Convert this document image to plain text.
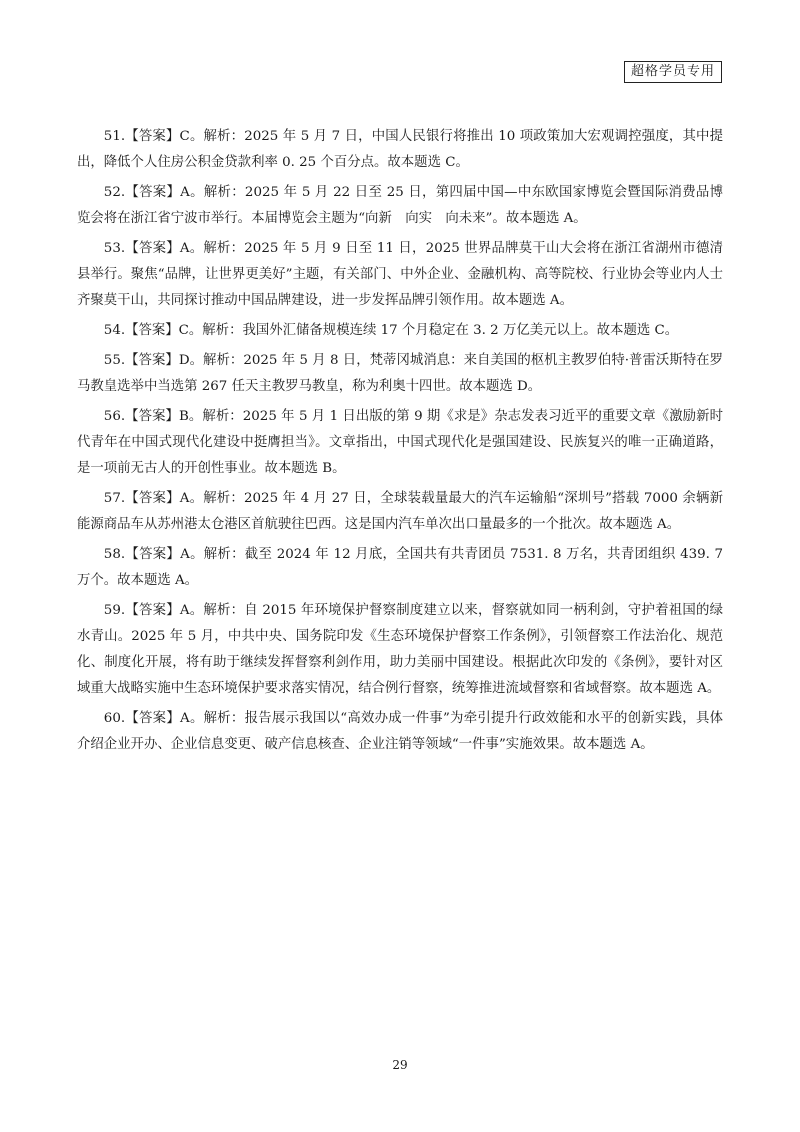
超格学员专用

51.【答案】C。解析：2025 年 5 月 7 日，中国人民银行将推出 10 项政策加大宏观调控强度，其中提出，降低个人住房公积金贷款利率 0. 25 个百分点。故本题选 C。

52.【答案】A。解析：2025 年 5 月 22 日至 25 日，第四届中国—中东欧国家博览会暨国际消费品博览会将在浙江省宁波市举行。本届博览会主题为“向新　向实　向未来”。故本题选 A。

53.【答案】A。解析：2025 年 5 月 9 日至 11 日，2025 世界品牌莫干山大会将在浙江省湖州市德清县举行。聚焦“品牌，让世界更美好”主题，有关部门、中外企业、金融机构、高等院校、行业协会等业内人士齐聚莫干山，共同探讨推动中国品牌建设，进一步发挥品牌引领作用。故本题选 A。

54.【答案】C。解析：我国外汇储备规模连续 17 个月稳定在 3. 2 万亿美元以上。故本题选 C。

55.【答案】D。解析：2025 年 5 月 8 日，梵蒂冈城消息：来自美国的枢机主教罗伯特·普雷沃斯特在罗马教皇选举中当选第 267 任天主教罗马教皇，称为利奥十四世。故本题选 D。

56.【答案】B。解析：2025 年 5 月 1 日出版的第 9 期《求是》杂志发表习近平的重要文章《激励新时代青年在中国式现代化建设中挺膺担当》。文章指出，中国式现代化是强国建设、民族复兴的唯一正确道路，是一项前无古人的开创性事业。故本题选 B。

57.【答案】A。解析：2025 年 4 月 27 日，全球装载量最大的汽车运输船“深圳号”搭载 7000 余辆新能源商品车从苏州港太仓港区首航驶往巴西。这是国内汽车单次出口量最多的一个批次。故本题选 A。

58.【答案】A。解析：截至 2024 年 12 月底，全国共有共青团员 7531. 8 万名，共青团组织 439. 7 万个。故本题选 A。

59.【答案】A。解析：自 2015 年环境保护督察制度建立以来，督察就如同一柄利剑，守护着祖国的绿水青山。2025 年 5 月，中共中央、国务院印发《生态环境保护督察工作条例》，引领督察工作法治化、规范化、制度化开展，将有助于继续发挥督察利剑作用，助力美丽中国建设。根据此次印发的《条例》，要针对区域重大战略实施中生态环境保护要求落实情况，结合例行督察，统筹推进流域督察和省域督察。故本题选 A。

60.【答案】A。解析：报告展示我国以“高效办成一件事”为牵引提升行政效能和水平的创新实践，具体介绍企业开办、企业信息变更、破产信息核查、企业注销等领域“一件事”实施效果。故本题选 A。

29
